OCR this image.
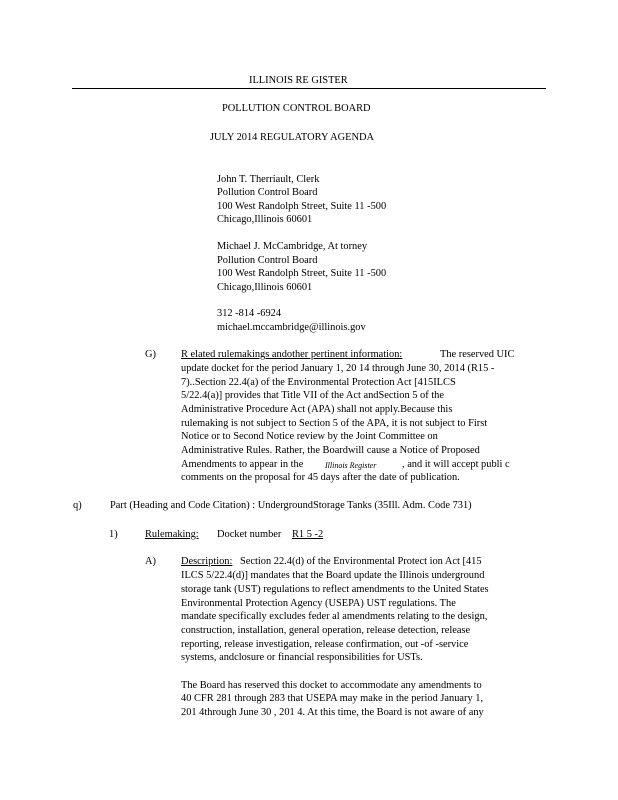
ILLINOIS RE GISTER
POLLUTION CONTROL BOARD
JULY 2014 REGULATORY AGENDA
John T. Therriault, Clerk
Pollution Control Board
100 West Randolph Street, Suite 11 -500
Chicago,Illinois 60601
Michael J. McCambridge, At torney
Pollution Control Board
100 West Randolph Street, Suite 11 -500
Chicago,Illinois 60601
312 -814 -6924
michael.mccambridge@illinois.gov
G) R elated rulemakings andother pertinent information:	The reserved UIC
update docket for the period January 1, 20 14 through June 30, 2014 (R15 -
7)..Section 22.4(a) of the Environmental Protection Act [415ILCS
5/22.4(a)] provides that Title VII of the Act andSection 5 of the
Administrative Procedure Act (APA) shall not apply.Because this
rulemaking is not subject to Section 5 of the APA, it is not subject to First
Notice or to Second Notice review by the Joint Committee on
Administrative Rules. Rather, the Boardwill cause a Notice of Proposed
Amendments to appear in the	Illinois Register , and it will accept publi c
comments on the proposal for 45 days after the date of publication.
q)	Part (Heading and Code Citation) : UndergroundStorage Tanks (35Ill. Adm. Code 731)
1)	Rulemaking: Docket number R1 5 -2
A) Description: Section 22.4(d) of the Environmental Protect ion Act [415
ILCS 5/22.4(d)] mandates that the Board update the Illinois underground
storage tank (UST) regulations to reflect amendments to the United States
Environmental Protection Agency (USEPA) UST regulations. The
mandate specifically excludes feder al amendments relating to the design,
construction, installation, general operation, release detection, release
reporting, release investigation, release confirmation, out -of -service
systems, andclosure or financial responsibilities for USTs.
The Board has reserved this docket to accommodate any amendments to
40 CFR 281 through 283 that USEPA may make in the period January 1,
201 4through June 30 , 201 4. At this time, the Board is not aware of any
